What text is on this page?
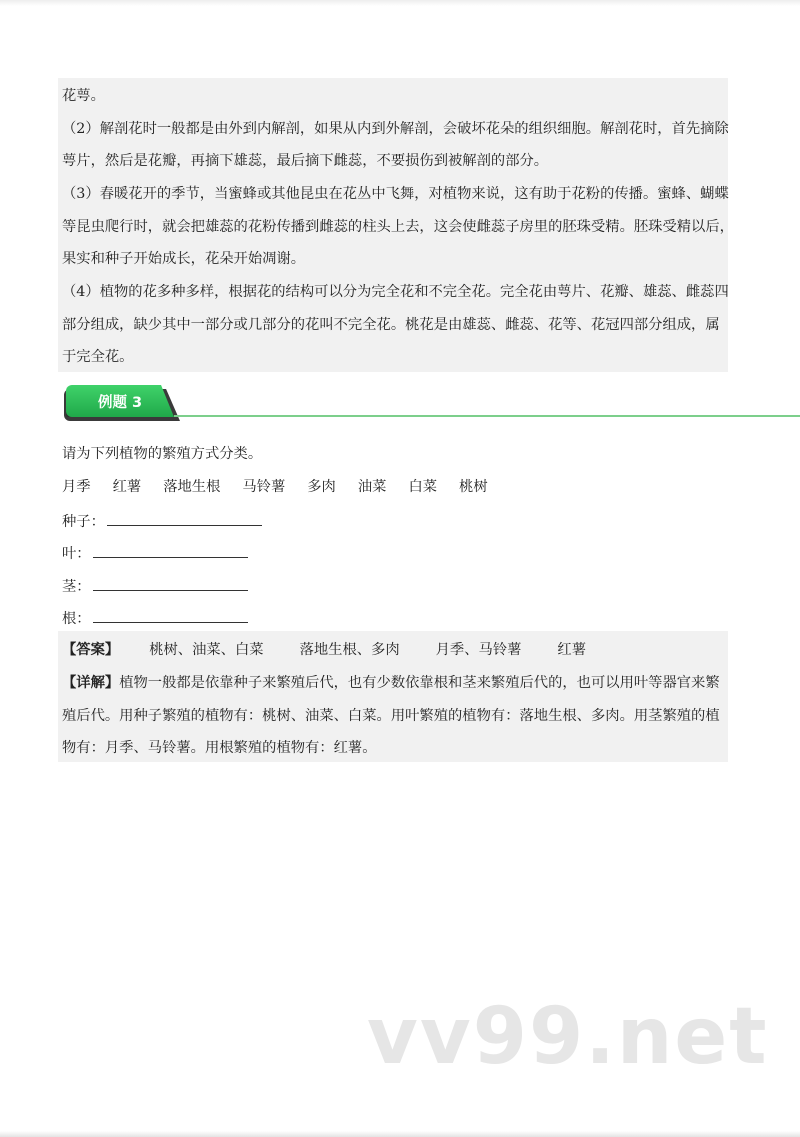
花萼。
（2）解剖花时一般都是由外到内解剖，如果从内到外解剖，会破坏花朵的组织细胞。解剖花时，首先摘除
萼片，然后是花瓣，再摘下雄蕊，最后摘下雌蕊，不要损伤到被解剖的部分。
（3）春暖花开的季节，当蜜蜂或其他昆虫在花丛中飞舞，对植物来说，这有助于花粉的传播。蜜蜂、蝴蝶
等昆虫爬行时，就会把雄蕊的花粉传播到雌蕊的柱头上去，这会使雌蕊子房里的胚珠受精。胚珠受精以后，
果实和种子开始成长，花朵开始凋谢。
（4）植物的花多种多样，根据花的结构可以分为完全花和不完全花。完全花由萼片、花瓣、雄蕊、雌蕊四
部分组成，缺少其中一部分或几部分的花叫不完全花。桃花是由雄蕊、雌蕊、花等、花冠四部分组成，属
于完全花。
例题 3
请为下列植物的繁殖方式分类。
月季 红薯 落地生根 马铃薯 多肉 油菜 白菜 桃树
种子：
叶：
茎：
根：
【答案】 桃树、油菜、白菜	落地生根、多肉	月季、马铃薯	红薯
【详解】植物一般都是依靠种子来繁殖后代，也有少数依靠根和茎来繁殖后代的，也可以用叶等器官来繁
殖后代。用种子繁殖的植物有：桃树、油菜、白菜。用叶繁殖的植物有：落地生根、多肉。用茎繁殖的植
物有：月季、马铃薯。用根繁殖的植物有：红薯。
vv99.net
